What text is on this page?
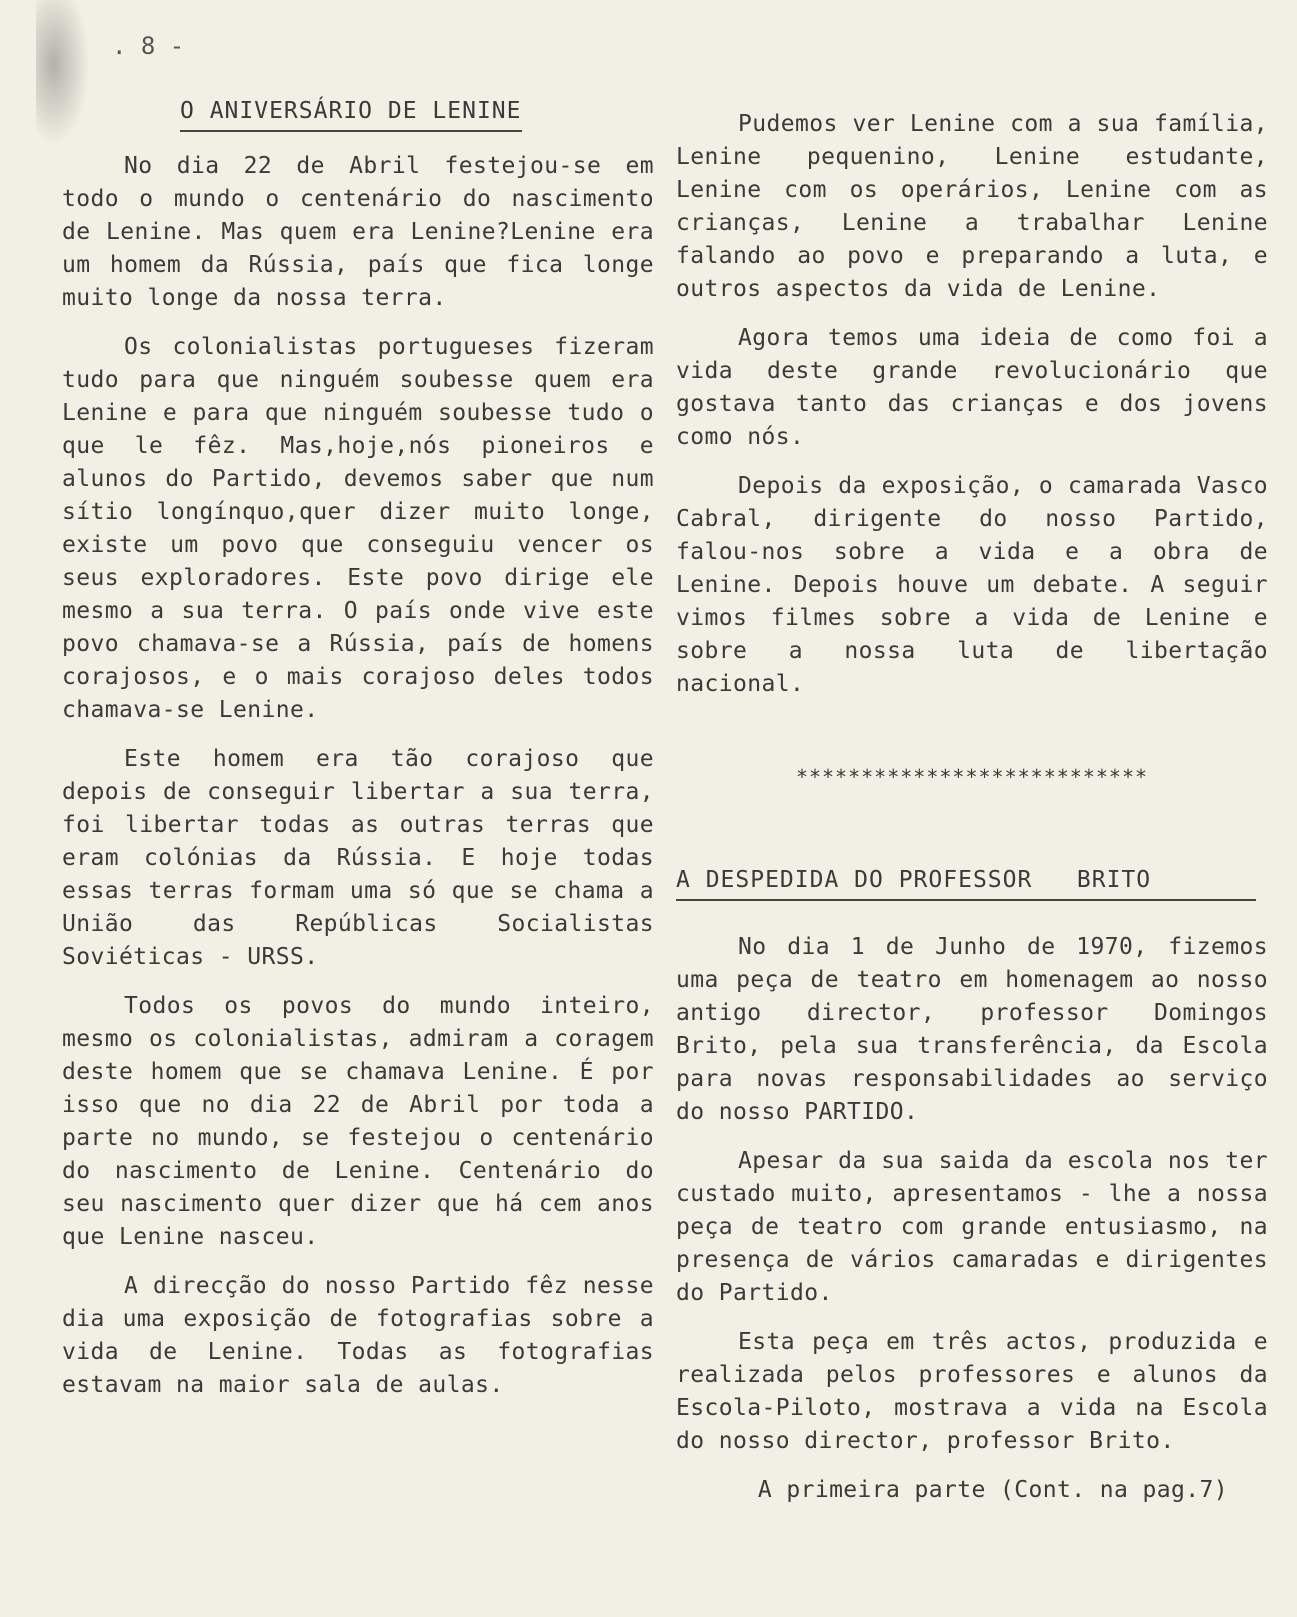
. 8 -
O ANIVERSÁRIO DE LENINE

No dia 22 de Abril festejou-se em todo o mundo o centenário do nascimento de Lenine. Mas quem era Lenine?Lenine era um homem da Rússia, país que fica longe muito longe da nossa terra.

Os colonialistas portugueses fizeram tudo para que ninguém soubesse quem era Lenine e para que ninguém soubesse tudo o que le fêz. Mas,hoje,nós pioneiros e alunos do Partido, devemos saber que num sítio longínquo,quer dizer muito longe, existe um povo que conseguiu vencer os seus exploradores. Este povo dirige ele mesmo a sua terra. O país onde vive este povo chamava-se a Rússia, país de homens corajosos, e o mais corajoso deles todos chamava-se Lenine.

Este homem era tão corajoso que depois de conseguir libertar a sua terra, foi libertar todas as outras terras que eram colónias da Rússia. E hoje todas essas terras formam uma só que se chama a União das Repúblicas Socialistas Soviéticas - URSS.

Todos os povos do mundo inteiro, mesmo os colonialistas, admiram a coragem deste homem que se chamava Lenine. É por isso que no dia 22 de Abril por toda a parte no mundo, se festejou o centenário do nascimento de Lenine. Centenário do seu nascimento quer dizer que há cem anos que Lenine nasceu.

A direcção do nosso Partido fêz nesse dia uma exposição de fotografias sobre a vida de Lenine. Todas as fotografias estavam na maior sala de aulas.

Pudemos ver Lenine com a sua família, Lenine pequenino, Lenine estudante, Lenine com os operários, Lenine com as crianças, Lenine a trabalhar Lenine falando ao povo e preparando a luta, e outros aspectos da vida de Lenine.

Agora temos uma ideia de como foi a vida deste grande revolucionário que gostava tanto das crianças e dos jovens como nós.

Depois da exposição, o camarada Vasco Cabral, dirigente do nosso Partido, falou-nos sobre a vida e a obra de Lenine. Depois houve um debate. A seguir vimos filmes sobre a vida de Lenine e sobre a nossa luta de libertação nacional.

***************************
A DESPEDIDA DO PROFESSOR   BRITO

No dia 1 de Junho de 1970, fizemos uma peça de teatro em homenagem ao nosso antigo director, professor Domingos Brito, pela sua transferência, da Escola para novas responsabilidades ao serviço do nosso PARTIDO.

Apesar da sua saida da escola nos ter custado muito, apresentamos - lhe a nossa peça de teatro com grande entusiasmo, na presença de vários camaradas e dirigentes do Partido.

Esta peça em três actos, produzida e realizada pelos professores e alunos da Escola-Piloto, mostrava a vida na Escola do nosso director, professor Brito.

A primeira parte (Cont. na pag.7)
